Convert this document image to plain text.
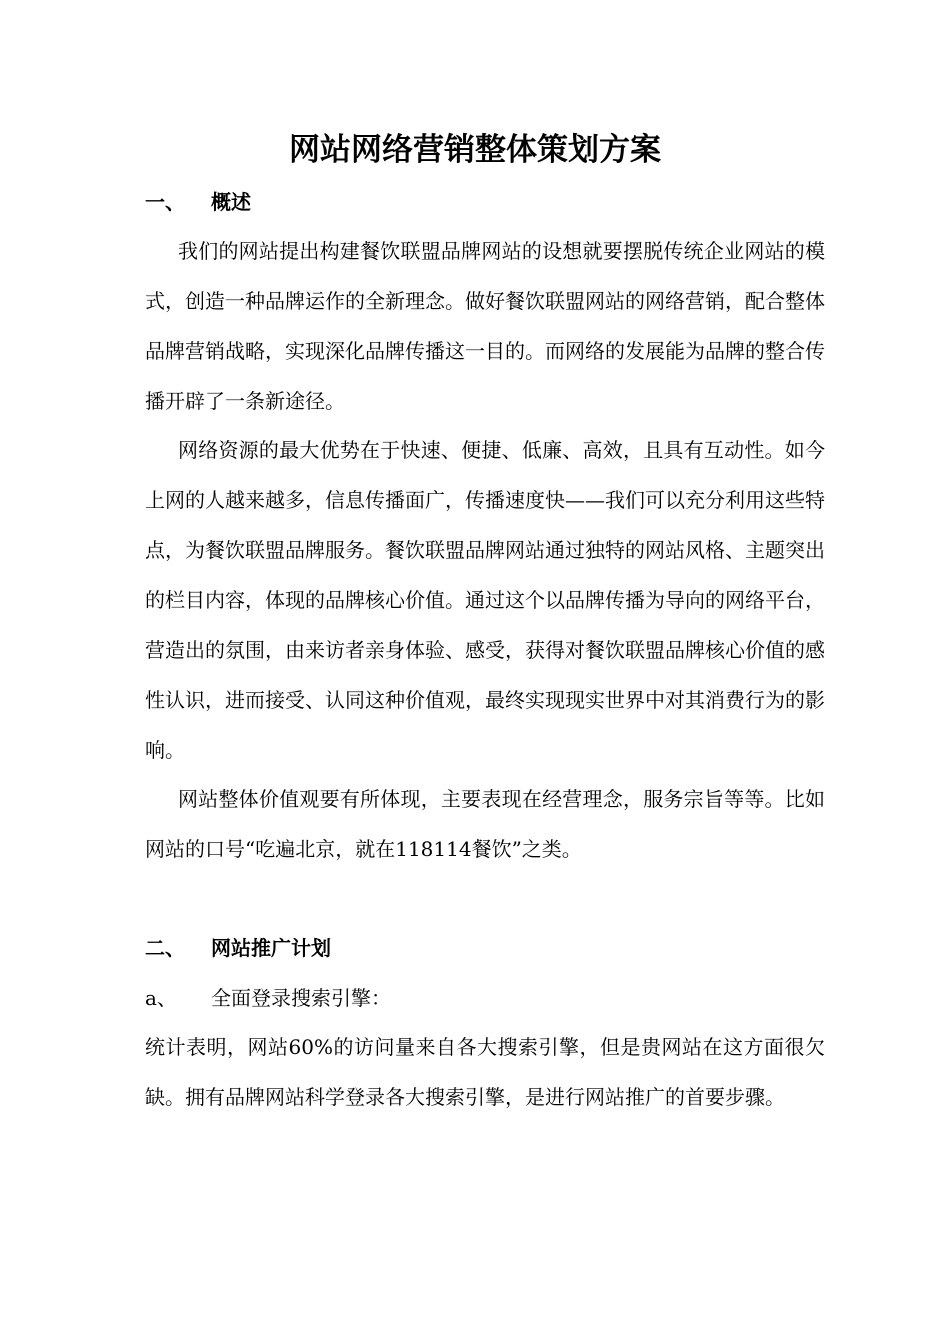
网站网络营销整体策划方案
一、 概述

我们的网站提出构建餐饮联盟品牌网站的设想就要摆脱传统企业网站的模式，创造一种品牌运作的全新理念。做好餐饮联盟网站的网络营销，配合整体品牌营销战略，实现深化品牌传播这一目的。而网络的发展能为品牌的整合传播开辟了一条新途径。

网络资源的最大优势在于快速、便捷、低廉、高效，且具有互动性。如今上网的人越来越多，信息传播面广，传播速度快——我们可以充分利用这些特点，为餐饮联盟品牌服务。餐饮联盟品牌网站通过独特的网站风格、主题突出的栏目内容，体现的品牌核心价值。通过这个以品牌传播为导向的网络平台，营造出的氛围，由来访者亲身体验、感受，获得对餐饮联盟品牌核心价值的感性认识，进而接受、认同这种价值观，最终实现现实世界中对其消费行为的影响。

网站整体价值观要有所体现，主要表现在经营理念，服务宗旨等等。比如网站的口号“吃遍北京，就在118114餐饮”之类。

二、 网站推广计划
a、 全面登录搜索引擎：

统计表明，网站60%的访问量来自各大搜索引擎，但是贵网站在这方面很欠缺。拥有品牌网站科学登录各大搜索引擎，是进行网站推广的首要步骤。
